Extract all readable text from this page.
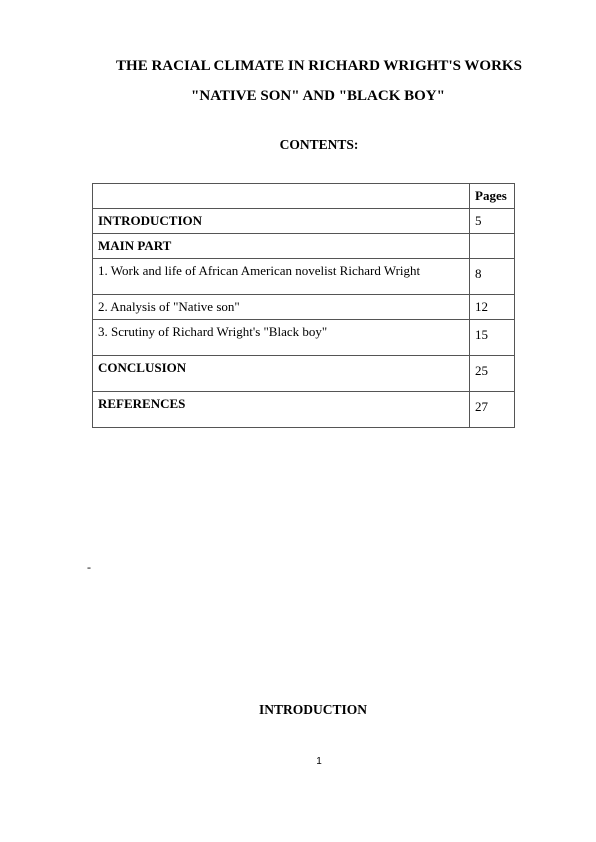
THE RACIAL CLIMATE IN RICHARD WRIGHT'S WORKS
"NATIVE SON" AND "BLACK BOY"
CONTENTS:
	Pages
INTRODUCTION	5
MAIN PART	
1. Work and life of African American novelist Richard Wright	8
2. Analysis of "Native son"	12
3. Scrutiny of Richard Wright's "Black boy"	15
CONCLUSION	25
REFERENCES	27
-
INTRODUCTION
1
